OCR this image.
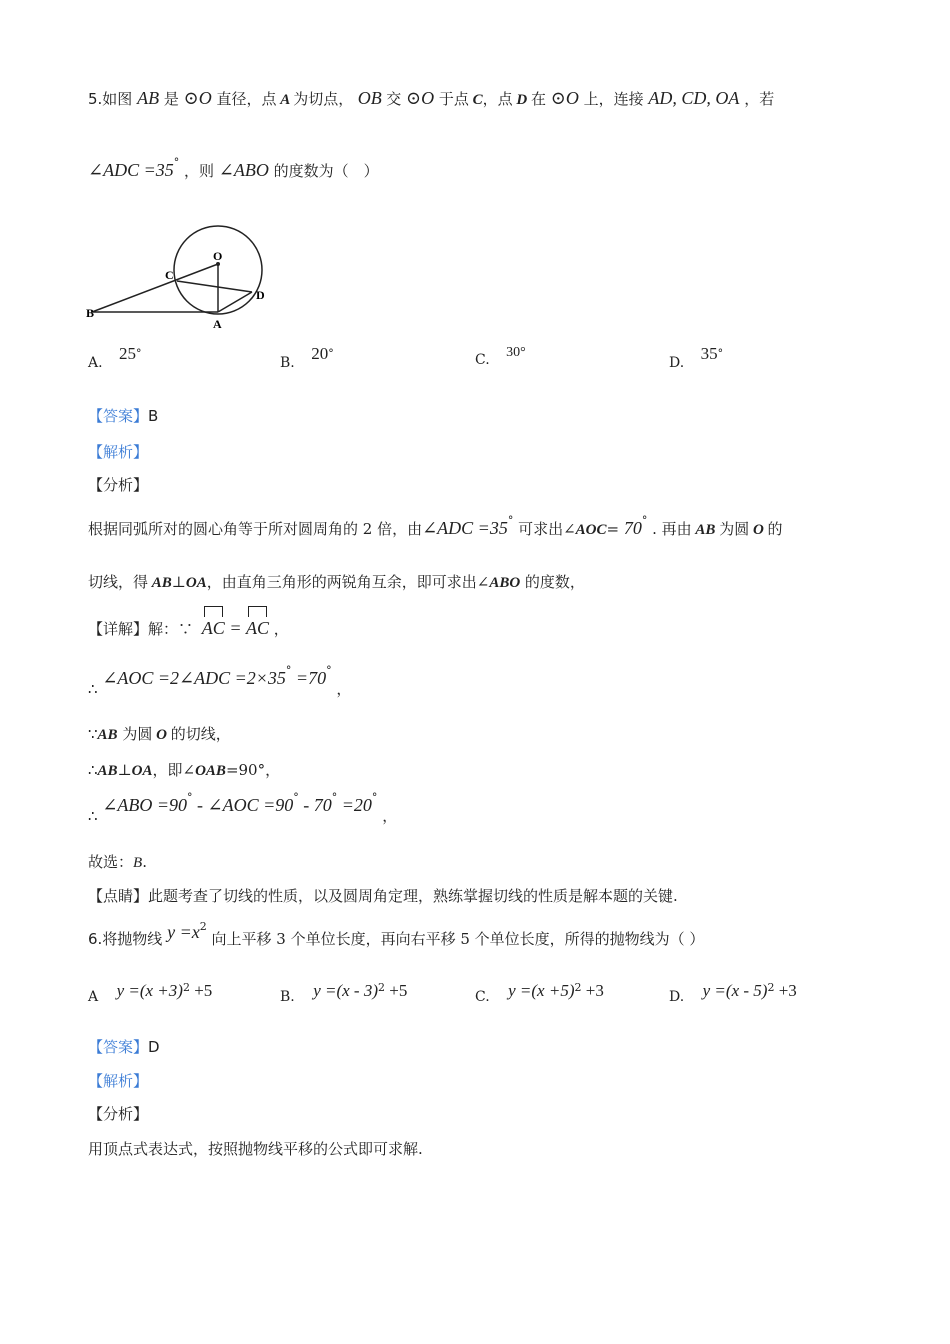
5.如图 AB 是 ⊙O 直径，点 A 为切点， OB 交 ⊙O 于点 C，点 D 在 ⊙O 上，连接 AD, CD, OA ，若
∠ADC =35° ，则 ∠ABO 的度数为（　）
O
C
D
B
A
A. 25°
B. 20°	C. 30°
D. 35°
【答案】B
【解析】
【分析】
根据同弧所对的圆心角等于所对圆周角的 2 倍，由∠ADC =35° 可求出∠AOC= 70° . 再由 AB 为圆 O 的
切线，得 AB⊥OA，由直角三角形的两锐角互余，即可求出∠ABO 的度数，
【详解】解：∵ AC = AC ，
∴ ∠AOC =2∠ADC =2×35° =70° ，
∵AB 为圆 O 的切线，
∴AB⊥OA，即∠OAB=90°，
∴ ∠ABO =90° - ∠AOC =90° - 70° =20° ，
故选：B.
【点睛】此题考查了切线的性质，以及圆周角定理，熟练掌握切线的性质是解本题的关键.
6.将抛物线 $y =x^2$ 向上平移 3 个单位长度，再向右平移 5 个单位长度，所得的抛物线为（ ）
A $y =(x +3)^2 +5$	B. y =(x - 3)$^2$ +5	C. $y =(x +5)^2 +3$	D. y =(x - 5)$^2$ +3
【答案】D
【解析】
【分析】
用顶点式表达式，按照抛物线平移的公式即可求解.
